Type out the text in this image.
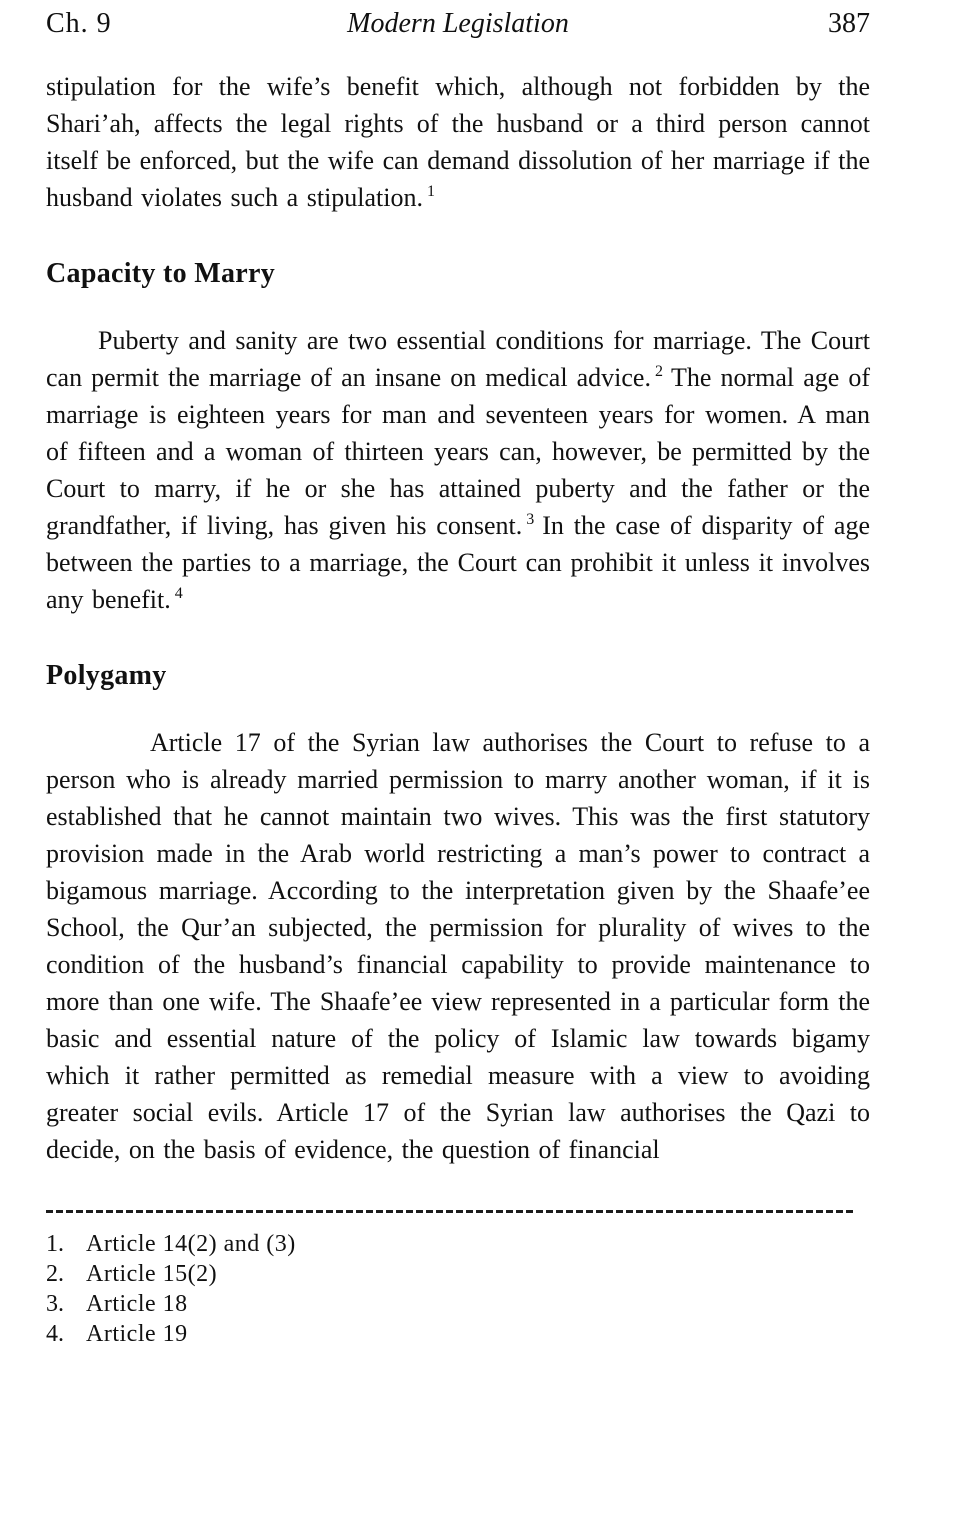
Ch. 9	Modern Legislation	387

stipulation for the wife’s benefit which, although not forbidden by the Shari’ah, affects the legal rights of the husband or a third person cannot itself be enforced, but the wife can demand dissolution of her marriage if the husband violates such a stipulation. $^1$

Capacity to Marry

Puberty and sanity are two essential conditions for marriage. The Court can permit the marriage of an insane on medical advice. $^2$ The normal age of marriage is eighteen years for man and seventeen years for women. A man of fifteen and a woman of thirteen years can, however, be permitted by the Court to marry, if he or she has attained puberty and the father or the grandfather, if living, has given his consent. $^3$ In the case of disparity of age between the parties to a marriage, the Court can prohibit it unless it involves any benefit. $^4$

Polygamy

Article 17 of the Syrian law authorises the Court to refuse to a person who is already married permission to marry another woman, if it is established that he cannot maintain two wives. This was the first statutory provision made in the Arab world restricting a man’s power to contract a bigamous marriage. According to the interpretation given by the Shaafe’ee School, the Qur’an subjected, the permission for plurality of wives to the condition of the husband’s financial capability to provide maintenance to more than one wife. The Shaafe’ee view represented in a particular form the basic and essential nature of the policy of Islamic law towards bigamy which it rather permitted as remedial measure with a view to avoiding greater social evils. Article 17 of the Syrian law authorises the Qazi to decide, on the basis of evidence, the question of financial

1. Article 14(2) and (3)
2. Article 15(2)
3. Article 18
4. Article 19
